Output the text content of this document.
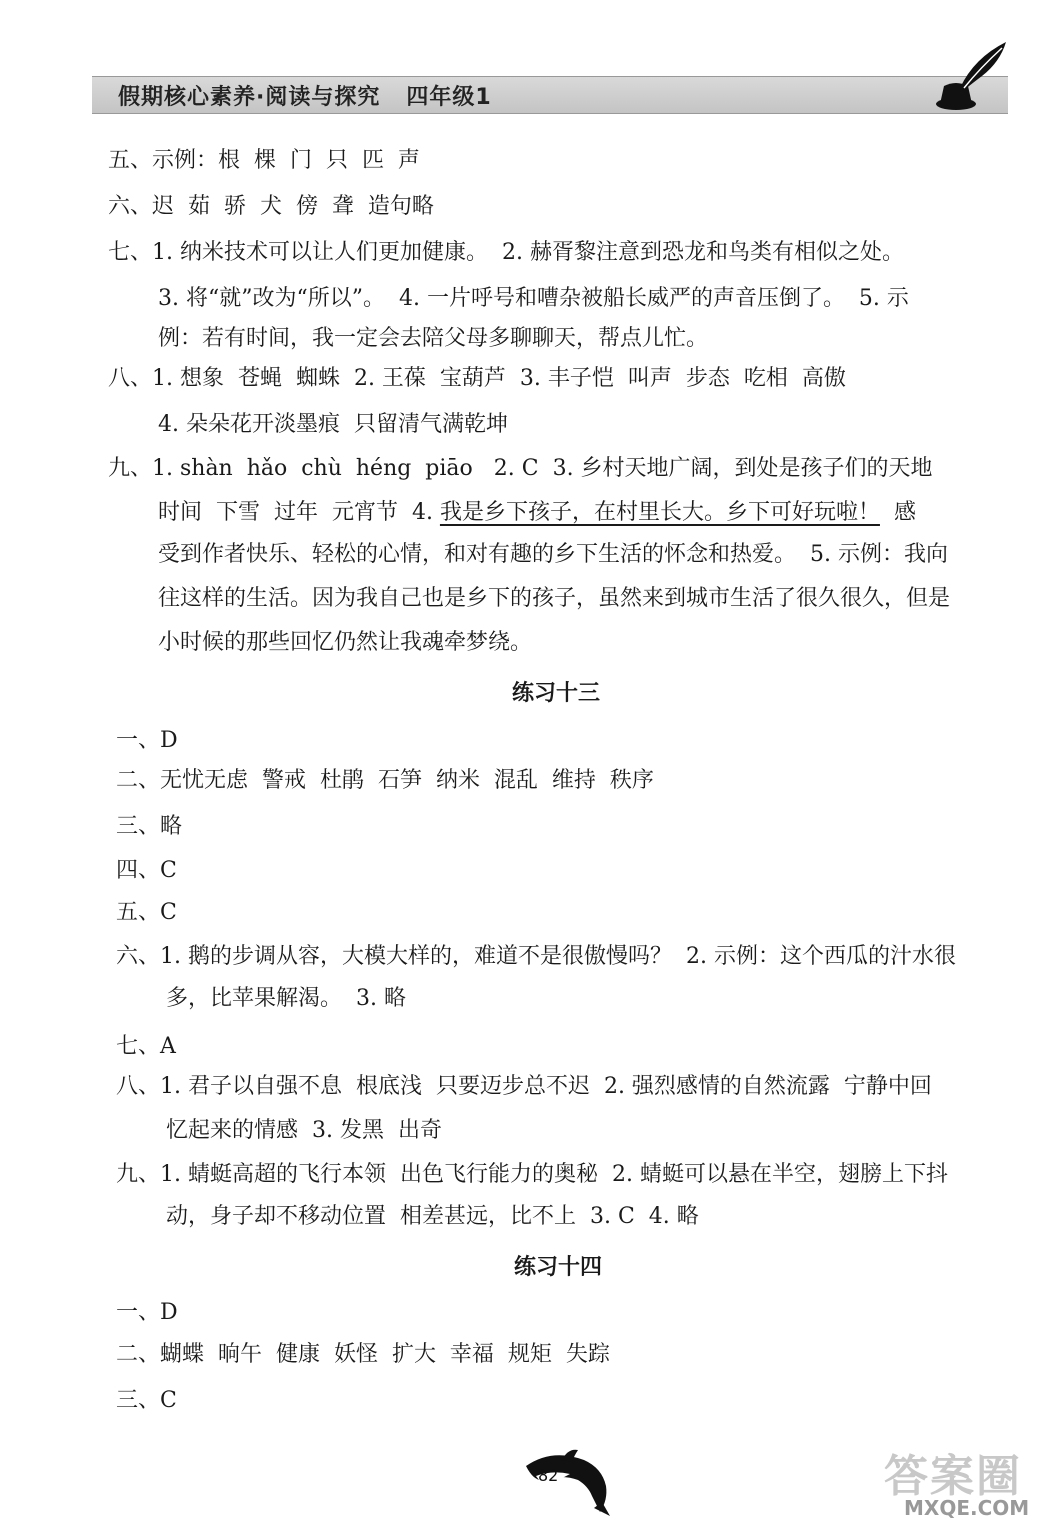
假期核心素养·阅读与探究   四年级1
五、示例：根  棵  门  只  匹  声
六、迟  茹  骄  犬  傍  聋  造句略
七、1. 纳米技术可以让人们更加健康。  2. 赫胥黎注意到恐龙和鸟类有相似之处。
3. 将“就”改为“所以”。  4. 一片呼号和嘈杂被船长威严的声音压倒了。  5. 示
例：若有时间，我一定会去陪父母多聊聊天，帮点儿忙。
八、1. 想象  苍蝇  蜘蛛  2. 王葆  宝葫芦  3. 丰子恺  叫声  步态  吃相  高傲
4. 朵朵花开淡墨痕  只留清气满乾坤
九、1. shàn  hǎo  chù  héng  piāo   2. C  3. 乡村天地广阔，到处是孩子们的天地
时间  下雪  过年  元宵节  4. 我是乡下孩子，在村里长大。乡下可好玩啦！ 感
受到作者快乐、轻松的心情，和对有趣的乡下生活的怀念和热爱。  5. 示例：我向
往这样的生活。因为我自己也是乡下的孩子，虽然来到城市生活了很久很久，但是
小时候的那些回忆仍然让我魂牵梦绕。
练习十三
一、D
二、无忧无虑  警戒  杜鹃  石笋  纳米  混乱  维持  秩序
三、略
四、C
五、C
六、1. 鹅的步调从容，大模大样的，难道不是很傲慢吗？  2. 示例：这个西瓜的汁水很
多，比苹果解渴。  3. 略
七、A
八、1. 君子以自强不息  根底浅  只要迈步总不迟  2. 强烈感情的自然流露  宁静中回
忆起来的情感  3. 发黑  出奇
九、1. 蜻蜓高超的飞行本领  出色飞行能力的奥秘  2. 蜻蜓可以悬在半空，翅膀上下抖
动，身子却不移动位置  相差甚远，比不上  3. C  4. 略
练习十四
一、D
二、蝴蝶  晌午  健康  妖怪  扩大  幸福  规矩  失踪
三、C
82	答案圈
MXQE.COM
